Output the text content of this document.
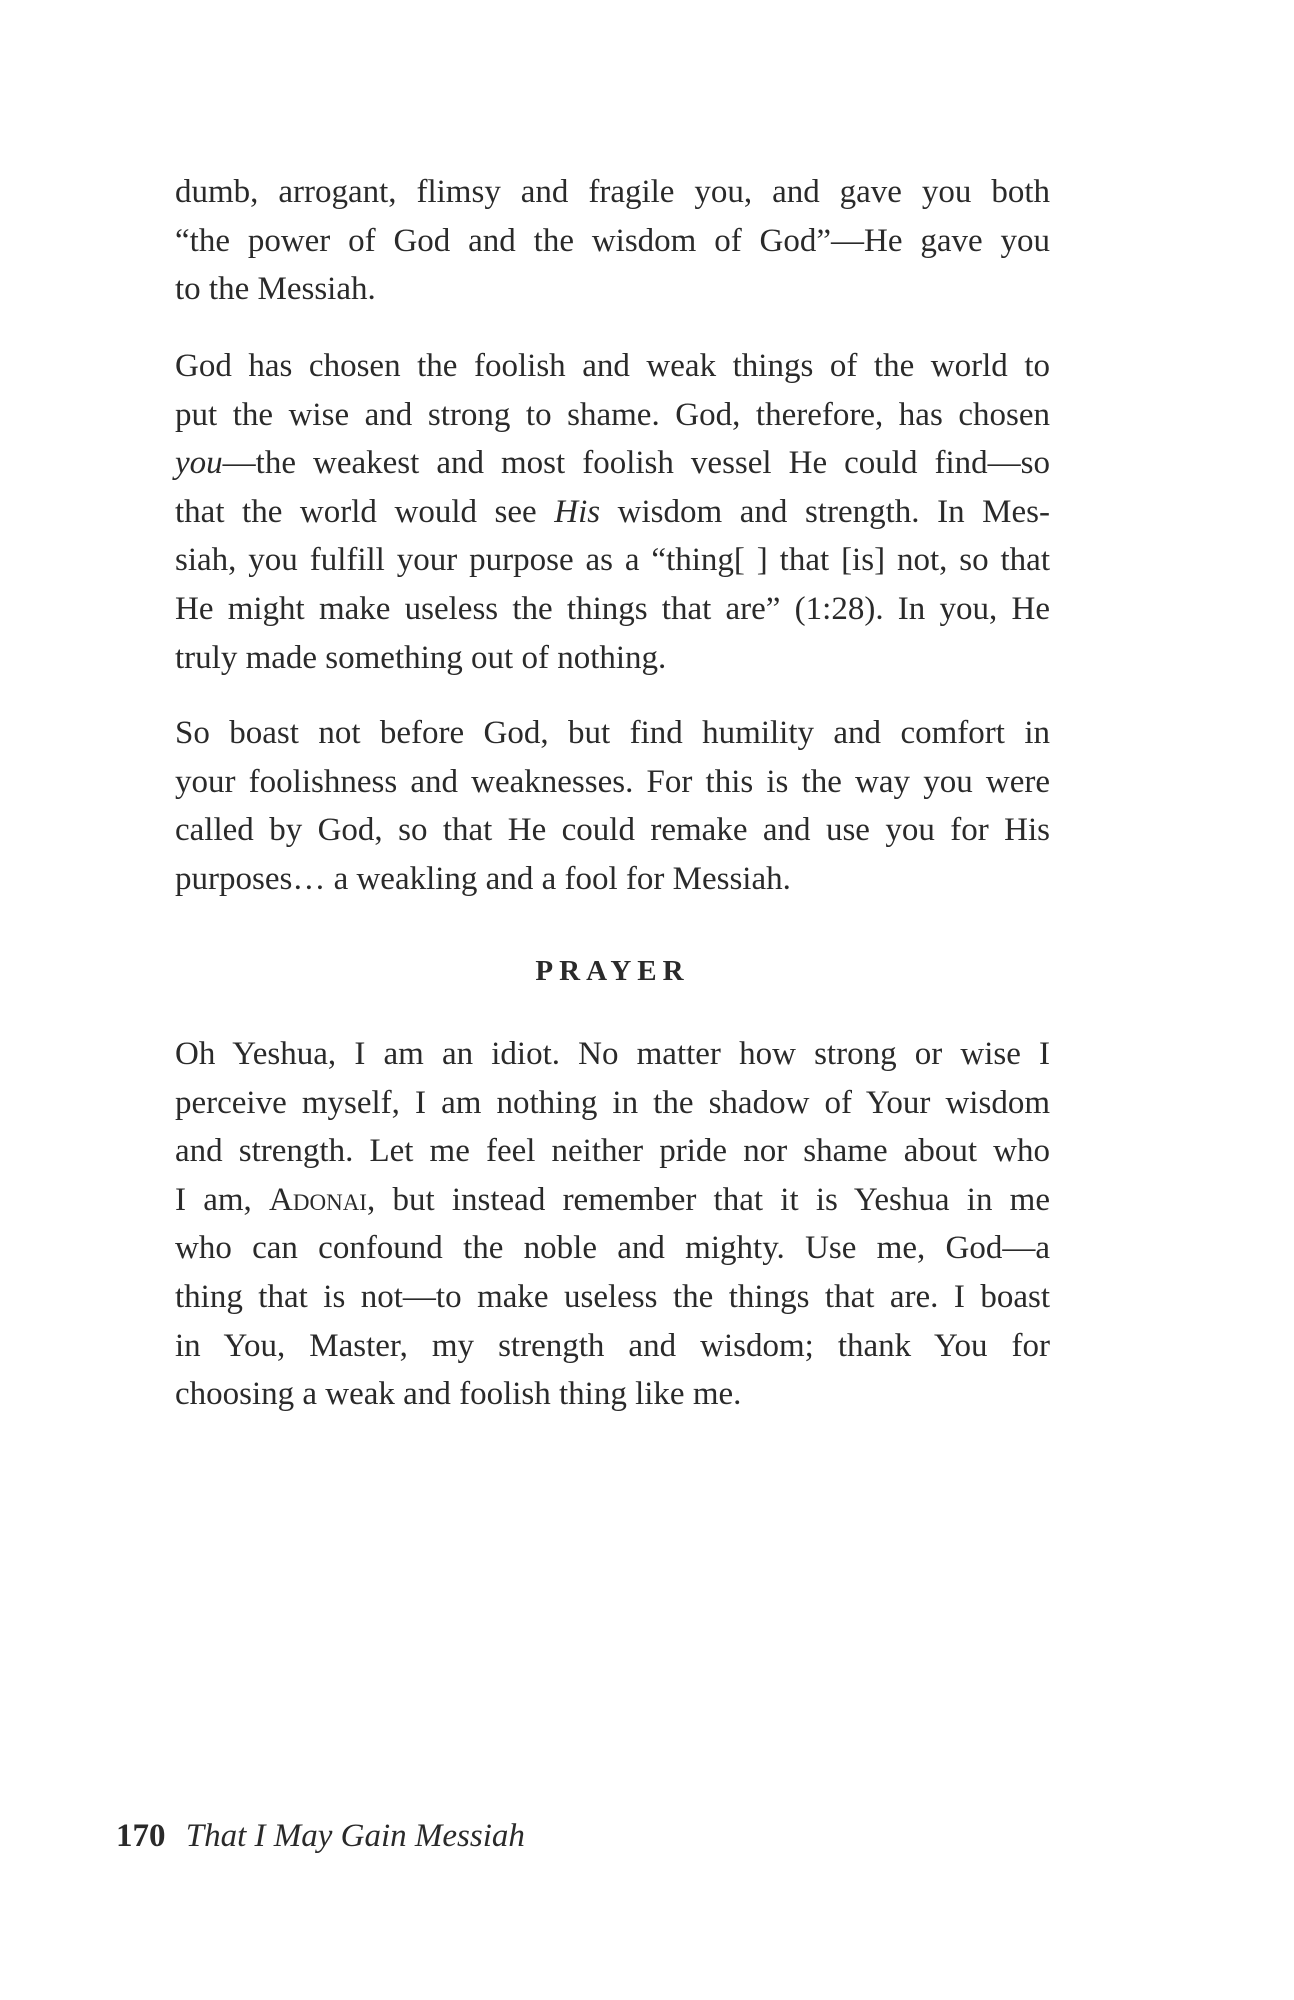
dumb, arrogant, flimsy and fragile you, and gave you both
“the power of God and the wisdom of God”—He gave you
to the Messiah.

God has chosen the foolish and weak things of the world to
put the wise and strong to shame. God, therefore, has chosen
you—the weakest and most foolish vessel He could find—so
that the world would see His wisdom and strength. In Mes-
siah, you fulfill your purpose as a “thing[ ] that [is] not, so that
He might make useless the things that are” (1:28). In you, He
truly made something out of nothing.

So boast not before God, but find humility and comfort in
your foolishness and weaknesses. For this is the way you were
called by God, so that He could remake and use you for His
purposes… a weakling and a fool for Messiah.

PRAYER

Oh Yeshua, I am an idiot. No matter how strong or wise I
perceive myself, I am nothing in the shadow of Your wisdom
and strength. Let me feel neither pride nor shame about who
I am, Adonai, but instead remember that it is Yeshua in me
who can confound the noble and mighty. Use me, God—a
thing that is not—to make useless the things that are. I boast
in You, Master, my strength and wisdom; thank You for
choosing a weak and foolish thing like me.

170 That I May Gain Messiah
